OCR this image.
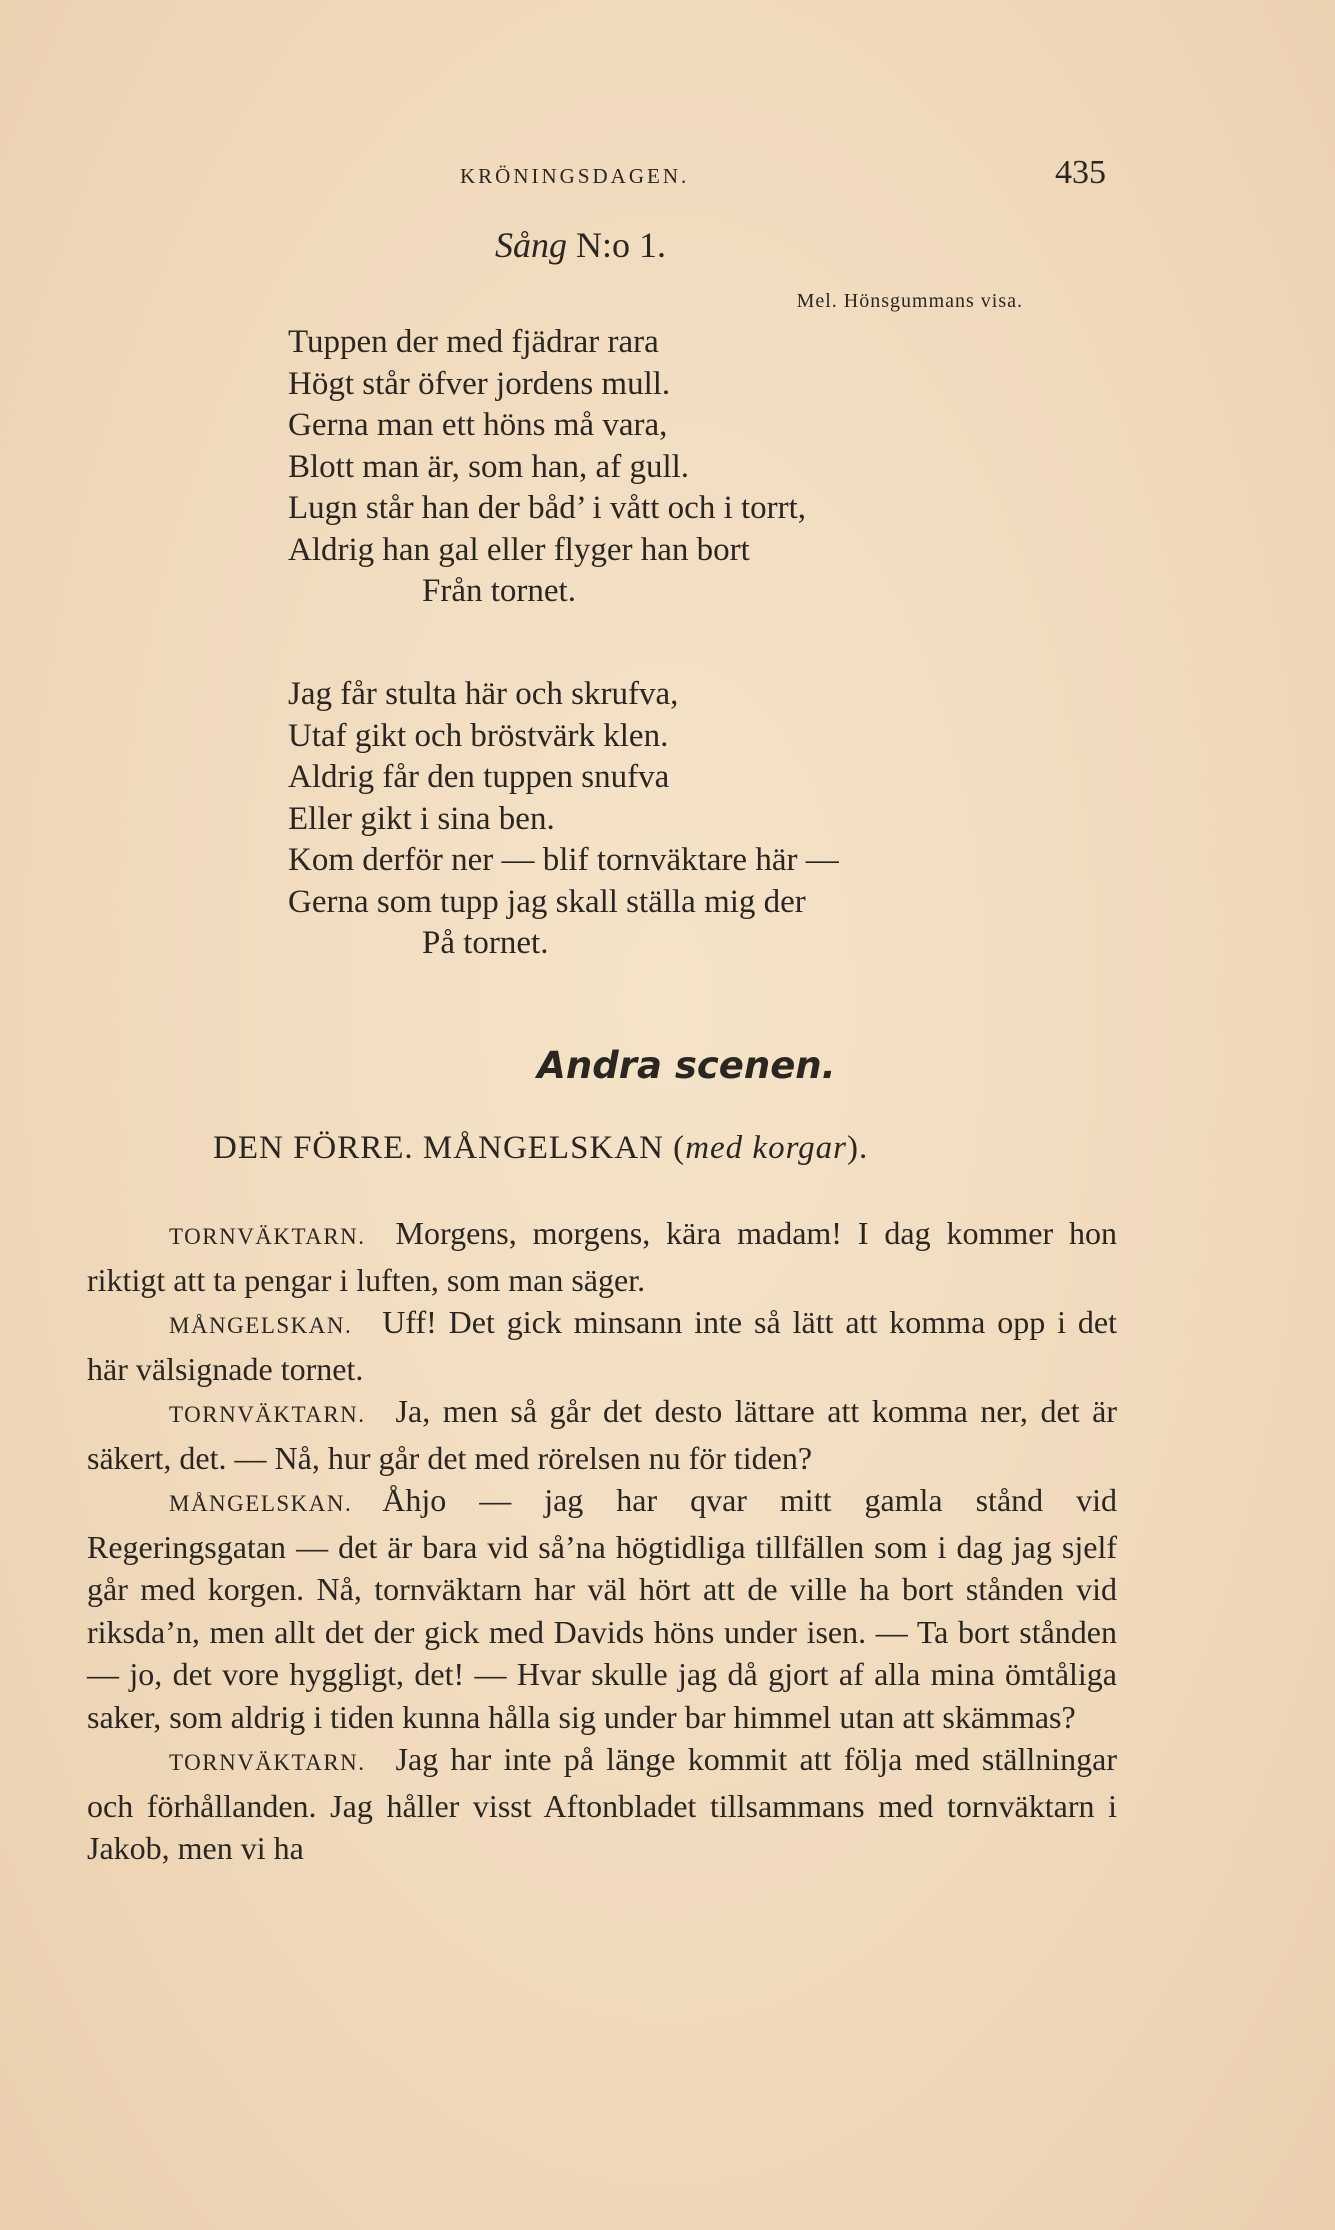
KRÖNINGSDAGEN.	435
Sång N:o 1.
Mel. Hönsgummans visa.
Tuppen der med fjädrar rara
Högt står öfver jordens mull.
Gerna man ett höns må vara,
Blott man är, som han, af gull.
Lugn står han der båd’ i vått och i torrt,
Aldrig han gal eller flyger han bort
Från tornet.
Jag får stulta här och skrufva,
Utaf gikt och bröstvärk klen.
Aldrig får den tuppen snufva
Eller gikt i sina ben.
Kom derför ner — blif tornväktare här —
Gerna som tupp jag skall ställa mig der
På tornet.
Andra scenen.
DEN FÖRRE. MÅNGELSKAN (med korgar).

TORNVÄKTARN. Morgens, morgens, kära madam! I dag kommer hon riktigt att ta pengar i luften, som man säger.

MÅNGELSKAN. Uff! Det gick minsann inte så lätt att komma opp i det här välsignade tornet.

TORNVÄKTARN. Ja, men så går det desto lättare att komma ner, det är säkert, det. — Nå, hur går det med rörelsen nu för tiden?

MÅNGELSKAN. Åhjo — jag har qvar mitt gamla stånd vid Regeringsgatan — det är bara vid så’na högtidliga tillfällen som i dag jag sjelf går med korgen. Nå, tornväktarn har väl hört att de ville ha bort stånden vid riksda’n, men allt det der gick med Davids höns under isen. — Ta bort stånden — jo, det vore hyggligt, det! — Hvar skulle jag då gjort af alla mina ömtåliga saker, som aldrig i tiden kunna hålla sig under bar himmel utan att skämmas?

TORNVÄKTARN. Jag har inte på länge kommit att följa med ställningar och förhållanden. Jag håller visst Aftonbladet tillsammans med tornväktarn i Jakob, men vi ha
